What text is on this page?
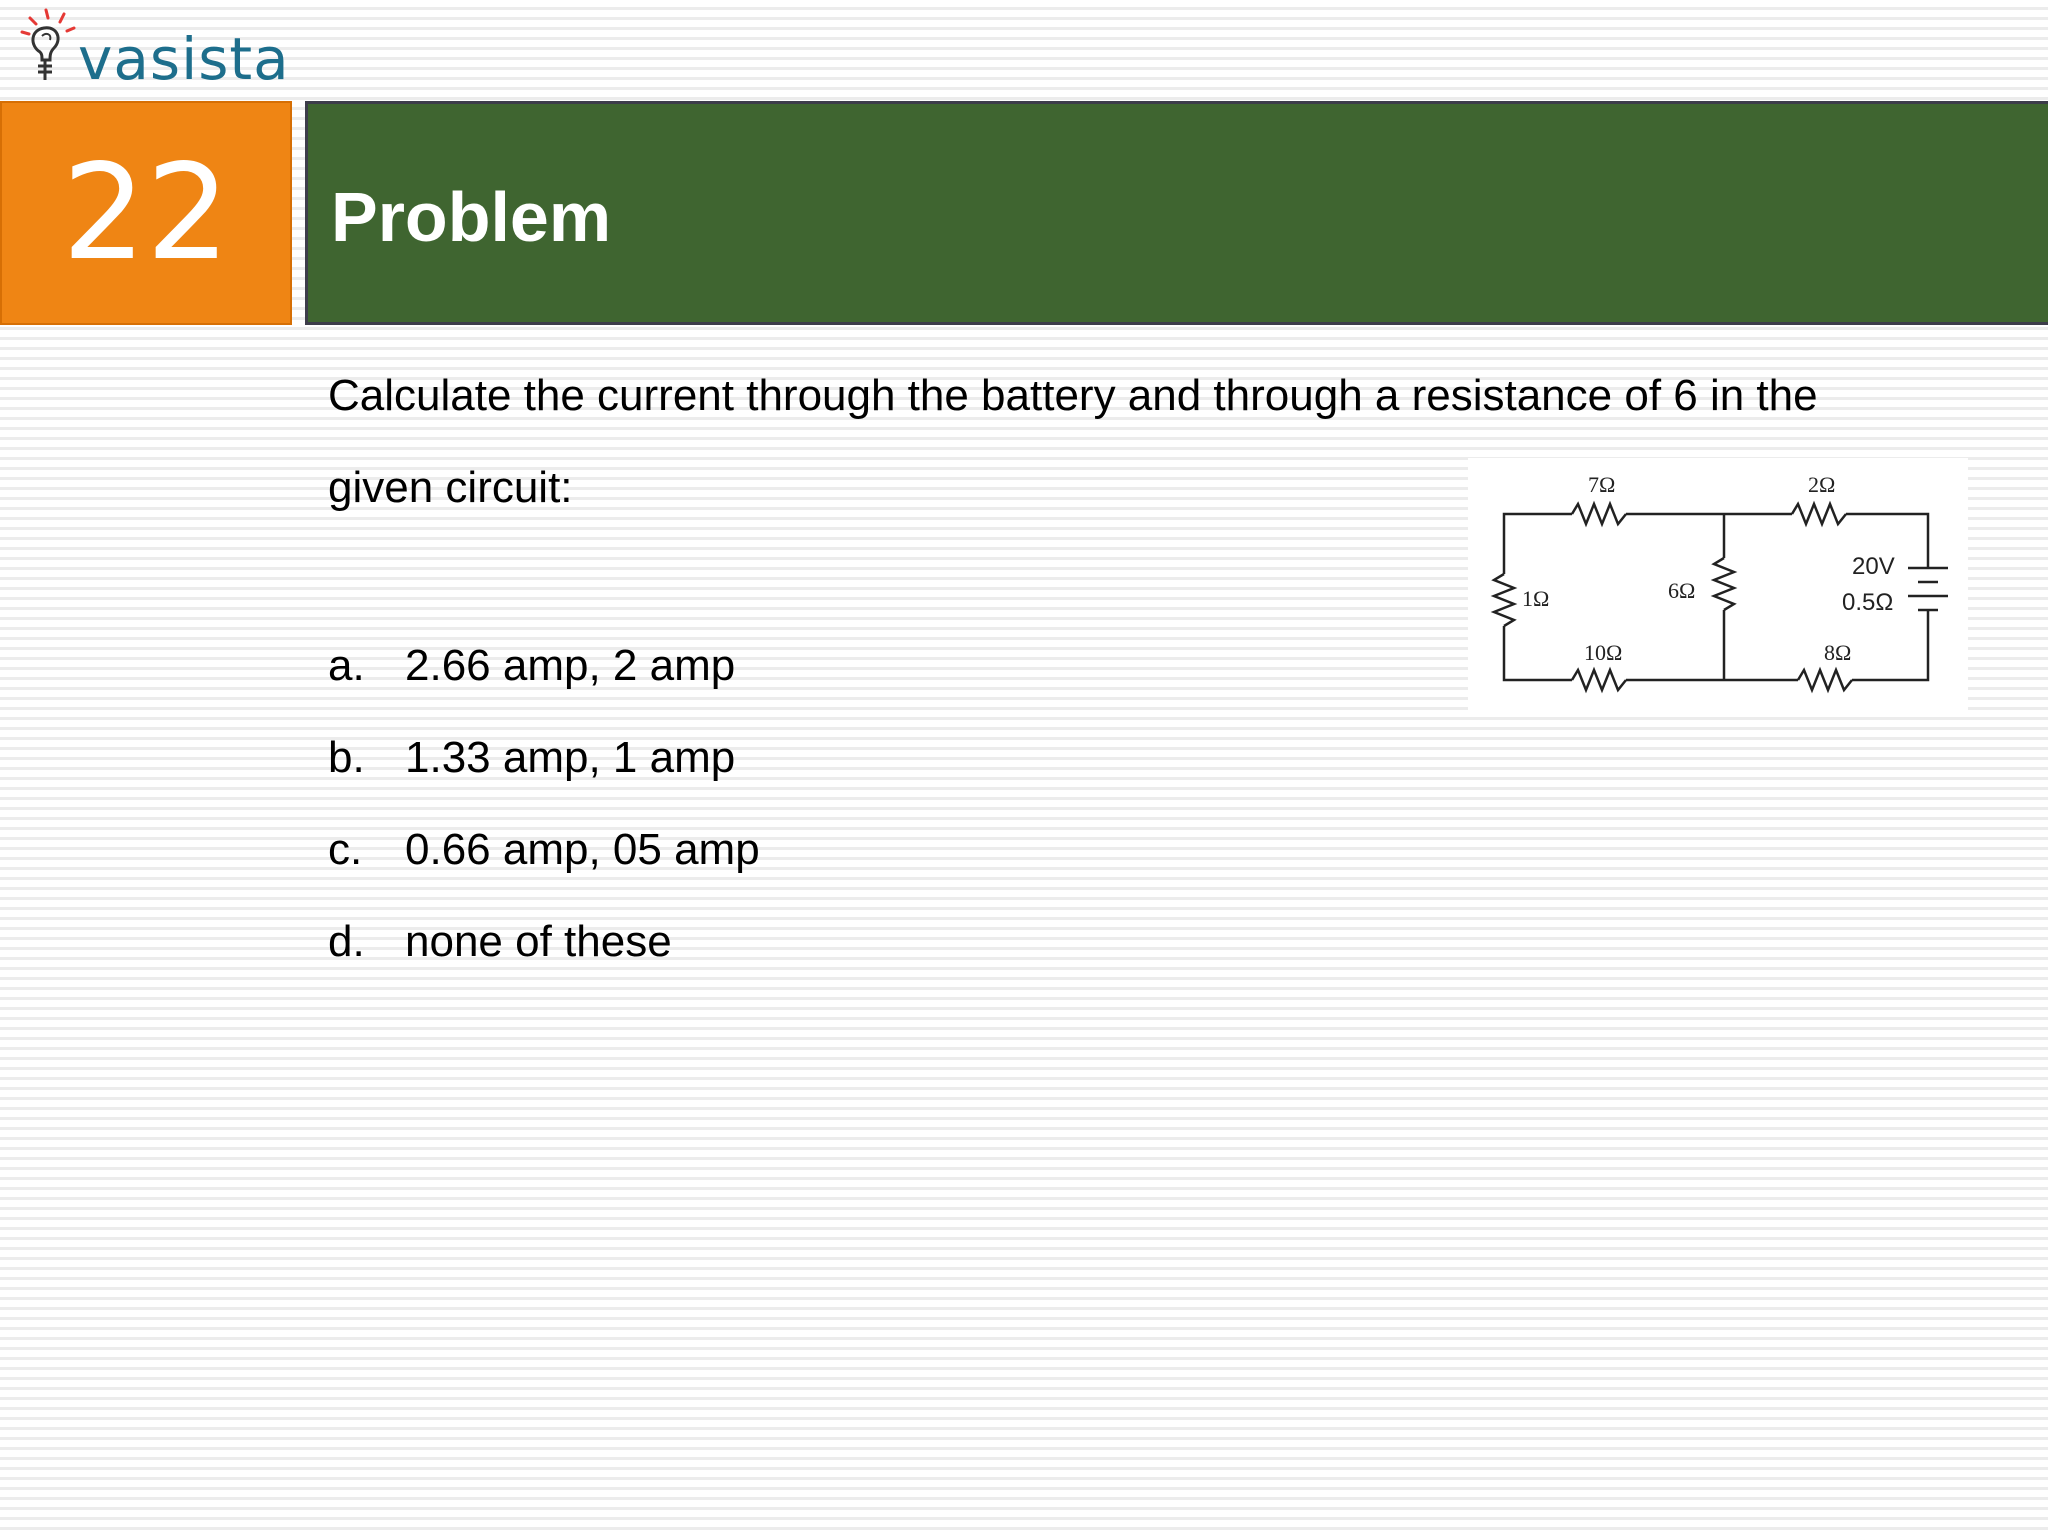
vasista
22 Problem
Calculate the current through the battery and through a resistance of 6 in the
given circuit:	7Ω	2Ω
1Ω	6Ω
10Ω	8Ω
20V
0.5Ω
a. 2.66 amp, 2 amp
b. 1.33 amp, 1 amp
c. 0.66 amp, 05 amp
d. none of these
